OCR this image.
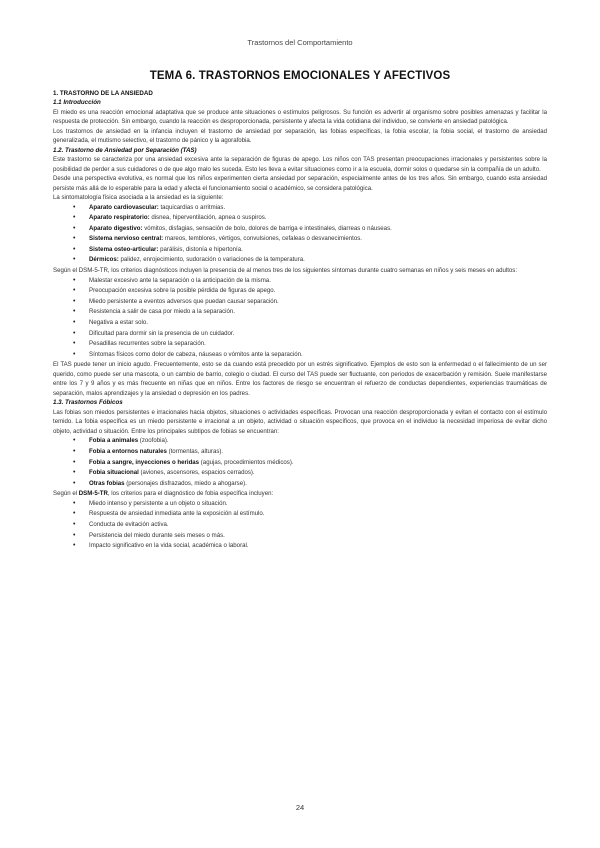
Trastornos del Comportamiento
TEMA 6. TRASTORNOS EMOCIONALES Y AFECTIVOS
1. TRASTORNO DE LA ANSIEDAD
1.1 Introducción

El miedo es una reacción emocional adaptativa que se produce ante situaciones o estímulos peligrosos. Su función es advertir al organismo sobre posibles amenazas y facilitar la respuesta de protección. Sin embargo, cuando la reacción es desproporcionada, persistente y afecta la vida cotidiana del individuo, se convierte en ansiedad patológica.

Los trastornos de ansiedad en la infancia incluyen el trastorno de ansiedad por separación, las fobias específicas, la fobia escolar, la fobia social, el trastorno de ansiedad generalizada, el mutismo selectivo, el trastorno de pánico y la agorafobia.

1.2. Trastorno de Ansiedad por Separación (TAS)

Este trastorno se caracteriza por una ansiedad excesiva ante la separación de figuras de apego. Los niños con TAS presentan preocupaciones irracionales y persistentes sobre la posibilidad de perder a sus cuidadores o de que algo malo les suceda. Esto les lleva a evitar situaciones como ir a la escuela, dormir solos o quedarse sin la compañía de un adulto.

Desde una perspectiva evolutiva, es normal que los niños experimenten cierta ansiedad por separación, especialmente antes de los tres años. Sin embargo, cuando esta ansiedad persiste más allá de lo esperable para la edad y afecta el funcionamiento social o académico, se considera patológica.

La sintomatología física asociada a la ansiedad es la siguiente:

• Aparato cardiovascular: taquicardias o arritmias.
• Aparato respiratorio: disnea, hiperventilación, apnea o suspiros.
• Aparato digestivo: vómitos, disfagias, sensación de bolo, dolores de barriga e intestinales, diarreas o náuseas.
• Sistema nervioso central: mareos, temblores, vértigos, convulsiones, cefaleas o desvanecimientos.
• Sistema osteo-articular: parálisis, distonía e hipertonía.
• Dérmicos: palidez, enrojecimiento, sudoración o variaciones de la temperatura.

Según el DSM-5-TR, los criterios diagnósticos incluyen la presencia de al menos tres de los siguientes síntomas durante cuatro semanas en niños y seis meses en adultos:

• Malestar excesivo ante la separación o la anticipación de la misma.
• Preocupación excesiva sobre la posible pérdida de figuras de apego.
• Miedo persistente a eventos adversos que puedan causar separación.
• Resistencia a salir de casa por miedo a la separación.
• Negativa a estar solo.
• Dificultad para dormir sin la presencia de un cuidador.
• Pesadillas recurrentes sobre la separación.
• Síntomas físicos como dolor de cabeza, náuseas o vómitos ante la separación.

El TAS puede tener un inicio agudo. Frecuentemente, esto se da cuando está precedido por un estrés significativo. Ejemplos de esto son la enfermedad o el fallecimiento de un ser querido, como puede ser una mascota, o un cambio de barrio, colegio o ciudad. El curso del TAS puede ser fluctuante, con periodos de exacerbación y remisión. Suele manifestarse entre los 7 y 9 años y es más frecuente en niñas que en niños. Entre los factores de riesgo se encuentran el refuerzo de conductas dependientes, experiencias traumáticas de separación, malos aprendizajes y la ansiedad o depresión en los padres.

1.3. Trastornos Fóbicos

Las fobias son miedos persistentes e irracionales hacia objetos, situaciones o actividades específicas. Provocan una reacción desproporcionada y evitan el contacto con el estímulo temido. La fobia específica es un miedo persistente e irracional a un objeto, actividad o situación específicos, que provoca en el individuo la necesidad imperiosa de evitar dicho objeto, actividad o situación. Entre los principales subtipos de fobias se encuentran:

• Fobia a animales (zoofobia).
• Fobia a entornos naturales (tormentas, alturas).
• Fobia a sangre, inyecciones o heridas (agujas, procedimientos médicos).
• Fobia situacional (aviones, ascensores, espacios cerrados).
• Otras fobias (personajes disfrazados, miedo a ahogarse).

Según el DSM-5-TR, los criterios para el diagnóstico de fobia específica incluyen:

• Miedo intenso y persistente a un objeto o situación.
• Respuesta de ansiedad inmediata ante la exposición al estímulo.
• Conducta de evitación activa.
• Persistencia del miedo durante seis meses o más.
• Impacto significativo en la vida social, académica o laboral.
24
